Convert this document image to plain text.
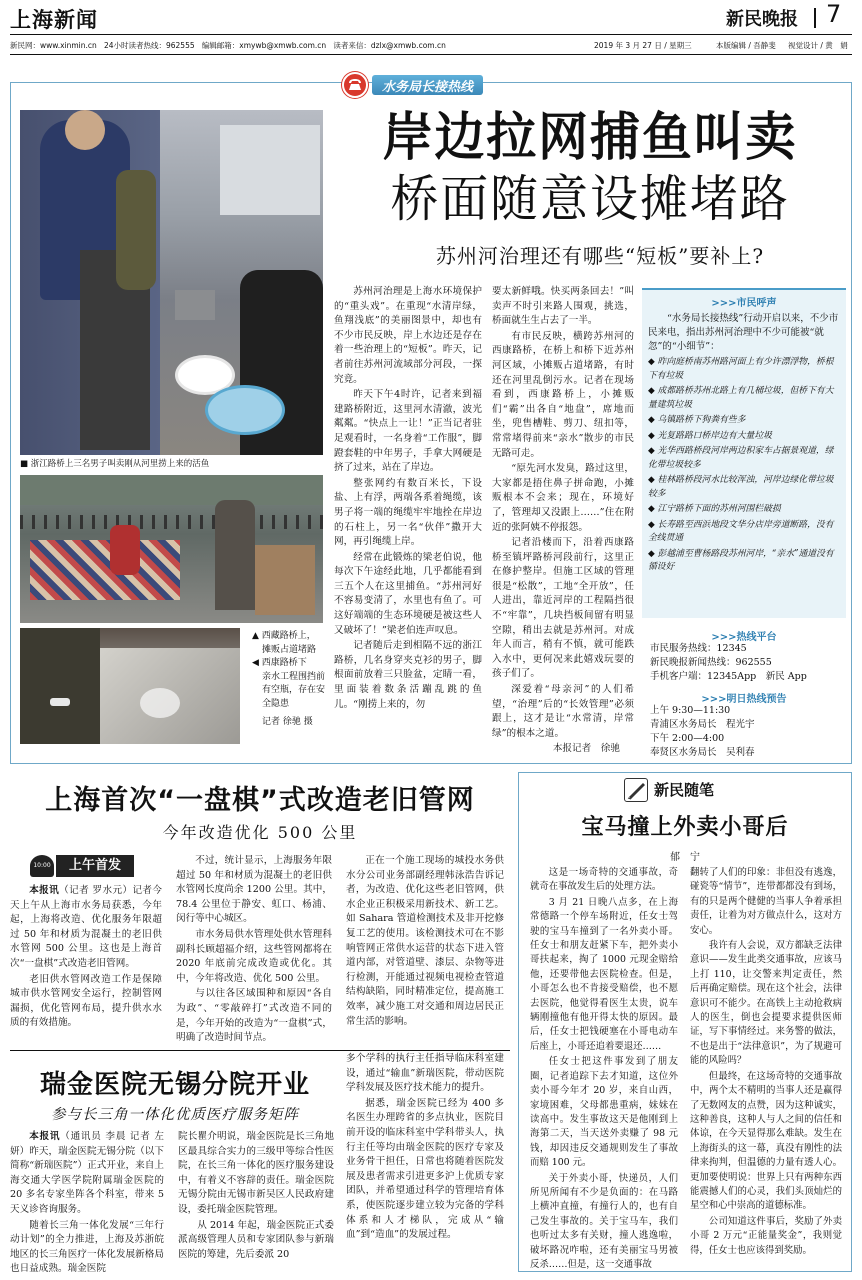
上海新闻	新民晚报 7
新民网：www.xinmin.cn 24小时读者热线：962555 编辑邮箱：xmywb@xmwb.com.cn 读者来信：dzlx@xmwb.com.cn	2019 年 3 月 27 日 / 星期三	本版编辑 / 吾静斐 视觉设计 / 黄　娟
水务局长接热线
■ 浙江路桥上三名男子叫卖刚从河里捞上来的活鱼
▲ 西藏路桥上，
摊贩占道堵路
◀ 西康路桥下
亲水工程围挡前
有空瓶，存在安
全隐患
记者 徐驰 摄
岸边拉网捕鱼叫卖
桥面随意设摊堵路
苏州河治理还有哪些“短板”要补上?

苏州河治理是上海水环境保护的“重头戏”。在重现“水清岸绿，鱼翔浅底”的美丽图景中，却也有不少市民反映，岸上水边还是存在着一些治理上的“短板”。昨天，记者前往苏州河流域部分河段，一探究竟。

昨天下午4时许，记者来到福建路桥附近，这里河水清澈，波光粼粼。“快点上一让！”正当记者驻足观看时，一名身着“工作服”，脚蹬套鞋的中年男子，手拿大网硬是挤了过来，站在了岸边。

整张网约有数百米长，下设盐、上有浮，两端各系着绳缆，该男子将一端的绳缆牢牢地拴在岸边的石柱上，另一名“伙伴”撒开大网，再引绳缆上岸。

经常在此锻炼的梁老伯说，他每次下午途经此地，几乎都能看到三五个人在这里捕鱼。“苏州河好不容易变清了，水里也有鱼了。可这好端端的生态环境硬是被这些人又破坏了！”梁老伯连声叹息。

记者随后走到相隔不远的浙江路桥，几名身穿夹克衫的男子，脚根面前放着三只脸盆，定睛一看，里面装着数条活蹦乱跳的鱼儿。“刚捞上来的，勿

要太新鲜哦。快买两条回去！”叫卖声不时引来路人围观，挑选，桥面就生生占去了一半。

有市民反映，横跨苏州河的西康路桥，在桥上和桥下近苏州河区域，小摊贩占道堵路，有时还在河里乱倒污水。记者在现场看到，西康路桥上，小摊贩们“霸”出各自“地盘”，席地而坐，兜售槽鞋、剪刀、纽扣等，常常堵得前来“亲水”散步的市民无路可走。

“原先河水发臭，路过这里，大家都是捂住鼻子拼命跑，小摊贩根本不会来；现在，环境好了，管理却又没跟上……”住在附近的张阿姨不停报怨。

记者沿楼而下，沿着西康路桥至镇坪路桥河段前行，这里正在修护整岸。但施工区域的管理很是“松散”，工地“全开放”，任人进出，靠近河岸的工程隔挡很不“牢靠”，几块挡板间留有明显空隙，稍出去就是苏州河。对成年人而言，稍有不慎，就可能跌入水中，更何况来此嬉戏玩耍的孩子们了。

深爱着“母亲河”的人们希望，“治理”后的“长效管理”必须跟上，这才是让“水常清，岸常绿”的根本之道。

本报记者　徐驰

>>>市民呼声
“水务局长接热线”行动开启以来，不少市民来电，指出苏州河治理中不少可能被“就忽”的“小细节”：
◆ 昨向庭桥南苏州路河面上有少许漂浮物，桥根下有垃圾
◆ 成都路桥苏州北路上有几桶垃圾，但桥下有大量建筑垃圾
◆ 乌镇路桥下狗粪有些多
◆ 光复路路口桥岸边有大量垃圾
◆ 光华西路桥段河岸两边积家车占据景观道，绿化带垃圾较多
◆ 桂林路桥段河水比较浑浊，河岸边绿化带垃圾较多
◆ 江宁路桥下面的苏州河围栏破损
◆ 长寿路至西浜地段文华分店岸旁道断路，没有全线贯通
◆ 彭越浦至曹杨路段苏州河岸，“亲水”通道没有循设好
>>>热线平台
市民服务热线：12345
新民晚报新闻热线：962555
手机客户端：12345App　新民 App
>>>明日热线预告
上午 9:30—11:30
青浦区水务局长　程光宇
下午 2:00—4:00
奉贤区水务局长　吴利春
上海首次“一盘棋”式改造老旧管网
今年改造优化 500 公里
10:00	上午首发

本报讯（记者 罗水元）记者今天上午从上海市水务局获悉，今年起，上海将改造、优化服务年限超过 50 年和材质为混凝土的老旧供水管网 500 公里。这也是上海首次“一盘棋”式改造老旧管网。

老旧供水管网改造工作是保障城市供水管网安全运行，控制管网漏损，优化管网布局，提升供水水质的有效措施。

不过，统计显示，上海服务年限超过 50 年和材质为混凝土的老旧供水管网长度尚余 1200 公里。其中，78.4 公里位于静安、虹口、杨浦、闵行等中心城区。

市水务局供水管理处供水管理科副科长顾超福介绍，这些管网都将在 2020 年底前完成改造或优化。其中，今年将改造、优化 500 公里。

与以往各区域围种和原因“各自为政”、“零敲碎打”式改造不同的是，今年开始的改造为“一盘棋”式，明确了改造时间节点。

正在一个施工现场的城投水务供水分公司业务部副经理韩泳浩告诉记者，为改造、优化这些老旧管网，供水企业正积极采用新技术、新工艺。如 Sahara 管道检测技术及非开挖修复工艺的使用。该检测技术可在不影响管网正常供水运营的状态下进入管道内部，对管道壁、漆层、杂物等进行检测，开能通过视频电视检查管道结构缺陷，同时精准定位，提高施工效率，减少施工对交通和周边居民正常生活的影响。

瑞金医院无锡分院开业
参与长三角一体化优质医疗服务矩阵

本报讯（通讯员 李晨 记者 左妍）昨天，瑞金医院无锡分院（以下简称“新瑞医院”）正式开业，来自上海交通大学医学院附属瑞金医院的 20 多名专家坐阵各个科室，带来 5 天义诊咨询服务。

随着长三角一体化发展“三年行动计划”的全力推进，上海及苏浙皖地区的长三角医疗一体化发展新格局也日益成熟。瑞金医院

院长瞿介明说，瑞金医院是长三角地区最具综合实力的三级甲等综合性医院，在长三角一体化的医疗服务建设中，有着义不容辞的责任。瑞金医院无锡分院由无锡市新吴区人民政府建设，委托瑞金医院管理。

从 2014 年起，瑞金医院正式委派高级管理人员和专家团队参与新瑞医院的筹建，先后委派 20

多个学科的执行主任指导临床科室建设，通过“输血”新瑞医院，带动医院学科发展及医疗技术能力的提升。

据悉，瑞金医院已经为 400 多名医生办理跨省的多点执业，医院目前开设的临床科室中学科带头人，执行主任等均由瑞金医院的医疗专家及业务骨干担任，日常也将随着医院发展及患者需求引进更多沪上优质专家团队，并希望通过科学的管理培育体系，使医院逐步建立较为完备的学科体系和人才梯队，完成从“输血”到“造血”的发展过程。

新民随笔
宝马撞上外卖小哥后
郁　宁

这是一场奇特的交通事故，奇就奇在事故发生后的处理方法。

3 月 21 日晚八点多，在上海常德路一个停车场附近，任女士驾驶的宝马车撞到了一名外卖小哥。任女士和朋友赶紧下车，把外卖小哥扶起来，掏了 1000 元现金赔给他，还要带他去医院检查。但是，小哥怎么也不肯接受赔偿，也不愿去医院，他觉得看医生太贵，说车辆刚撞他有他开得太快的原因。最后，任女士把钱硬塞在小哥电动车后座上，小哥还追着要退还……

任女士把这件事发到了朋友圈，记者追踪下去才知道，这位外卖小哥今年才 20 岁，来自山西，家境困难，父母都患重病，妹妹在读高中。发生事故这天是他刚到上海第二天，当天送外卖赚了 98 元钱，却因违反交通规则发生了事故而赔 100 元。

关于外卖小哥，快递员，人们所见所闻有不少是负面的：在马路上横冲直撞，有撞行人的，也有自己发生事故的。关于宝马车，我们也听过太多有关财，撞人逃逸啦，破坏路况咋啦，还有美丽宝马男被反杀……但是，这一交通事故

翻转了人们的印象：非但没有逃逸，碰瓷等“情节”，连带都都没有到场，有的只是两个健健的当事人争着承担责任，让着为对方做点什么，这对方安心。

我许有人会说，双方都缺乏法律意识——发生此类交通事故，应该马上打 110，让交警来判定责任，然后再确定赔偿。现在这个社会，法律意识可不能少。在高铁上主动抢救病人的医生，倒也会提要求提供医师证，写下事情经过。来务警的做法，不也是出于“法律意识”，为了规避可能的风险吗？

但最终，在这场奇特的交通事故中，两个太不精明的当事人还是赢得了无数网友的点赞，因为这种诚实，这种善良，这种人与人之间的信任和体谅，在今天显得那么难缺。发生在上海街头的这一幕，真没有刚性的法律来拘判，但温德的力量有透人心。更加要使明说：世界上只有两种东西能震撼人们的心灵，我们头顶灿烂的星空和心中崇高的道德标准。

公司知道这件事后，奖励了外卖小哥 2 万元“正能量奖金”，我则觉得，任女士也应该得到奖励。
